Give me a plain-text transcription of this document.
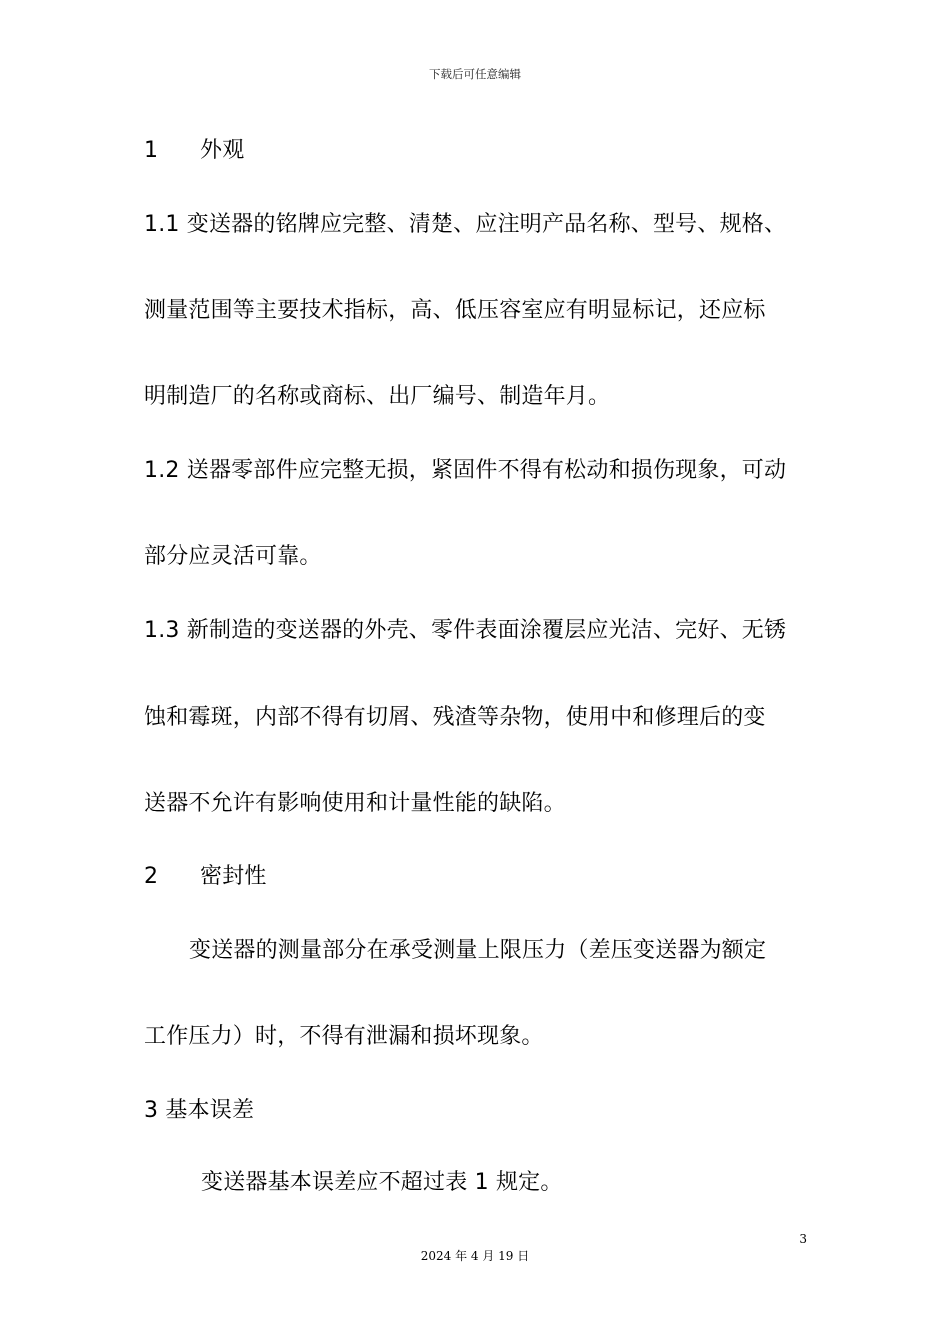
下载后可任意编辑
1 外观
1.1 变送器的铭牌应完整、清楚、应注明产品名称、型号、规格、
测量范围等主要技术指标，高、低压容室应有明显标记，还应标
明制造厂的名称或商标、出厂编号、制造年月。
1.2 送器零部件应完整无损，紧固件不得有松动和损伤现象，可动
部分应灵活可靠。
1.3 新制造的变送器的外壳、零件表面涂覆层应光洁、完好、无锈
蚀和霉斑，内部不得有切屑、残渣等杂物，使用中和修理后的变
送器不允许有影响使用和计量性能的缺陷。
2 密封性
变送器的测量部分在承受测量上限压力（差压变送器为额定
工作压力）时，不得有泄漏和损坏现象。
3 基本误差
变送器基本误差应不超过表 1 规定。
3
2024 年 4 月 19 日
